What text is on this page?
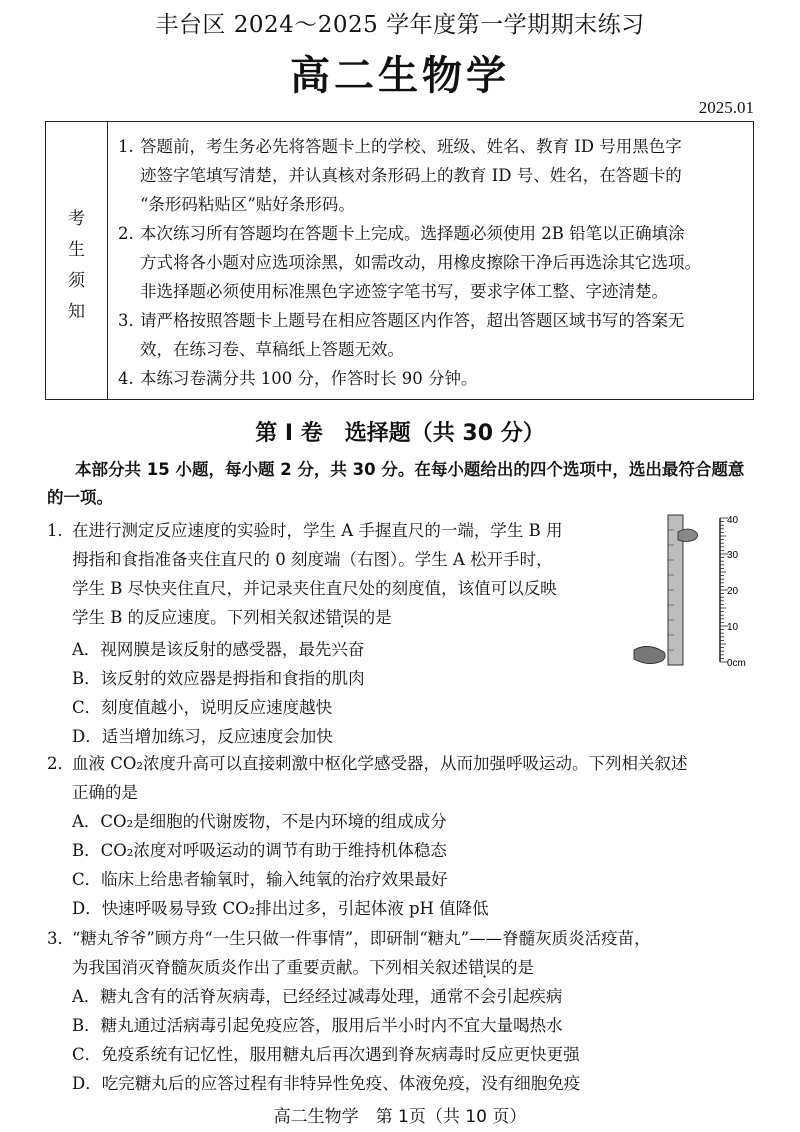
丰台区 2024～2025 学年度第一学期期末练习
高二生物学
2025.01
考
生
须
知
1. 答题前，考生务必先将答题卡上的学校、班级、姓名、教育 ID 号用黑色字
迹签字笔填写清楚，并认真核对条形码上的教育 ID 号、姓名，在答题卡的
“条形码粘贴区”贴好条形码。
2. 本次练习所有答题均在答题卡上完成。选择题必须使用 2B 铅笔以正确填涂
方式将各小题对应选项涂黑，如需改动，用橡皮擦除干净后再选涂其它选项。
非选择题必须使用标准黑色字迹签字笔书写，要求字体工整、字迹清楚。
3. 请严格按照答题卡上题号在相应答题区内作答，超出答题区域书写的答案无
效，在练习卷、草稿纸上答题无效。
4. 本练习卷满分共 100 分，作答时长 90 分钟。
第 I 卷　选择题（共 30 分）
本部分共 15 小题，每小题 2 分，共 30 分。在每小题给出的四个选项中，选出最符合题意的一项。
1．
在进行测定反应速度的实验时，学生 A 手握直尺的一端，学生 B 用
拇指和食指准备夹住直尺的 0 刻度端（右图）。学生 A 松开手时，
学生 B 尽快夹住直尺，并记录夹住直尺处的刻度值，该值可以反映
学生 B 的反应速度。下列相关叙述错误的是
A．视网膜是该反射的感受器，最先兴奋
B．该反射的效应器是拇指和食指的肌肉
C．刻度值越小，说明反应速度越快
D．适当增加练习，反应速度会加快
40
30
20
10
0cm
2．
血液 CO₂浓度升高可以直接刺激中枢化学感受器，从而加强呼吸运动。下列相关叙述
正确的是
A．CO₂是细胞的代谢废物，不是内环境的组成成分
B．CO₂浓度对呼吸运动的调节有助于维持机体稳态
C．临床上给患者输氧时，输入纯氧的治疗效果最好
D．快速呼吸易导致 CO₂排出过多，引起体液 pH 值降低
3．
“糖丸爷爷”顾方舟“一生只做一件事情”，即研制“糖丸”——脊髓灰质炎活疫苗，
为我国消灭脊髓灰质炎作出了重要贡献。下列相关叙述错误的是
A．糖丸含有的活脊灰病毒，已经经过减毒处理，通常不会引起疾病
B．糖丸通过活病毒引起免疫应答，服用后半小时内不宜大量喝热水
C．免疫系统有记忆性，服用糖丸后再次遇到脊灰病毒时反应更快更强
D．吃完糖丸后的应答过程有非特异性免疫、体液免疫，没有细胞免疫
高二生物学　第 1页（共 10 页）
